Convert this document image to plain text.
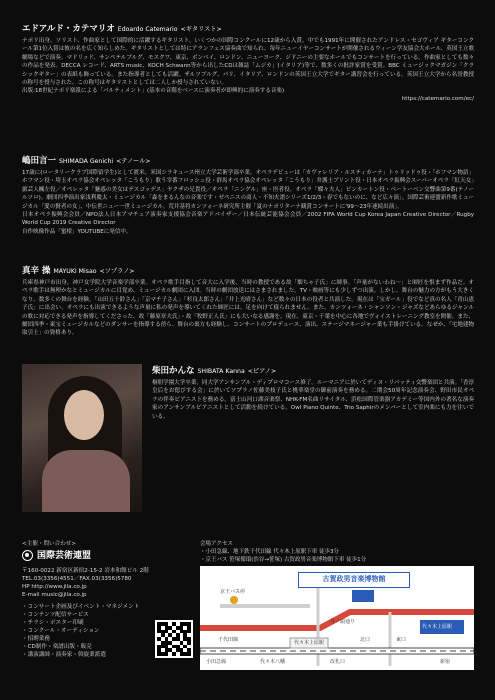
エドアルド・カテマリオ Edoardo Catemario <ギタリスト>
ナポリ出身。ソリスト、作曲家として国際的に活躍するギタリスト。いくつかの国際コンクールに12歳から入賞。中でも1991年に開催されたアンドレス・セゴヴィア ギターコンクール第1位入賞は彼の名を広く知らしめた。ギタリストとしては特にアランフェス協奏曲で知られ、毎年ニューイヤーコンサートが開催されるウィーン学友協会大ホール、英国王立歌劇場などで演奏。マドリッド、サンペテルブルグ、モスクワ、東京、ボンベイ、ロンドン、ニューヨーク、ジドニーの主要なホールでもコンサートを行っている。作曲家としても数々の作品を発表。DECCA レコード、ARTS music、KOCH Schwann等から出したCDは雑誌「ムジカ」(イタリア)等で、数多くの批評家賞を受賞。BBC ミュージックマガジン「クラシックギター」の表紙も飾っている。また指導者としても活躍。ザルツブルグ、パリ、イタリア、ロンドンの英国王立大学でギター講習会を行っている。英国王立大学から名誉教授の称号を授与された。この称号はギタリストとしては二人しか授与されていない。
出版:18世紀ナポリ楽派による「パルティメント」(基本の音階をベースに演奏者が即興的に演奏する音楽)
https://catemario.com/ec/
嶋田言一 SHIMADA Genichi <テノール>
17歳に(ロータリークラブ国際留学生)として渡米。米国シラキュース州立大学芸術学部卒業。オペラデビューは「カヴァレリア・ルスティカーナ」トゥリッドゥ役・「ホフマン物語」ホフマン役・埼玉オペラ協会オペレッタ「こうもり」歌う宰番フロッシュ役・群馬オペラ協会オペレッタ「こうもり」弁護士ブリント役・日本オペラ振興会スーパーオペラ「紅天女」旅芸人楓左役／オペレッタ「魅惑の美女はデスゴッデス」ヤクザの兄貴役／オペラ「ニングル」座・医者役、オペラ「蝶々夫人」ピンカートン役・ベートーベン交響曲第9番(テノールソロ)。劇団四季演出家浅利慶太・ミュージカル「森をまるんなの音楽です・ゼペニスの商人・不知火譜シリーズ1/2/3・春でもないのに、など広々演」。国際芸術連盟新作歌ミュージカル「愛の賢者の女」、中伝世ニュー一世ミュージカル。荒井基将カンツォーネ研究所主催「夏のナポリターナ観賞コンサートに'99〜23年連続出演」。
日本オペラ振興会会員／NPO法人日本アマチュア演奏家支援協会音楽アドバイザー／日本伝統芸能協会会員／2002 FIFA World Cup Korea Japan Creative Director／Rugby World Cup 2019 Creative Director
自作映像作品「蜜柑」YOUTUBEに発信中。
真辛 操 MAYUKI Misao <ソプラノ>
兵庫県神戸市出身。神戸女学院大学音楽学部卒業。オペラ歌手目指して音大に入学後、当時の教授である故「畑ちゃ子氏」に師事。「声量がないわね～」と師匠を恨まず作品だ。オペラ歌手は無理かなとミュージカルに目覚め、ミュージカル劇団に入団。当時の劇団放送にはさまされました。TV・映画等にも少しずつ出演。しかし、舞台の魅力の方がもう大きくなり、数多くの舞台を経験。「山田五十鈴さん」「京マチ子さん」「杉良太郎さん」「井上光晴さん」など数々の日本の役者と共演した。現在は「宝ガール」役でなど真の名人「青山恵子氏」に出会い、オペラにも出演できるような声量に私の発声を導いてくれた師匠には、足を向けて寝られません。また、カンツォーネ・シャンソン・ジャズなどあらゆるジャンルの歌に対応できる発声を指導してくださった、故「藤原章夫氏」・故「牧野正人氏」にも大いなる感謝を。現在、東京・千葉を中心に各地でヴォイストレーニング教室を開催。また、劇団四季・東宝ミュージカルなどのダンサーを指導する傍ら、舞台の裏方も経験し、コンサートのプロデュース、演出、ステージマネージャー業も手掛けている。なぜか、「宅地建物取引士」の資格あり。
柴田かんな SHIBATA Kanna <ピアノ>
桐朋学園大学卒業。同大学アンサンブル・ディプロマコース修了。ルーマニアに於いてディヌ・リパッティ交響楽団と共演。「香淳皇后をお偲びする会」に於いてソプラノ佐藤美枝子氏と桃華楽堂の御前演奏を務める。二期会50周年記念演奏会、野田市民オペラの伴奏ピアニストを務める。富士山河口湖音楽祭、NHK-FM名曲リサイタル、浜松国際管楽器アカデミー等国内外の著名な演奏家のアンサンブルピアニストとして活動を続けている。Owl Piano Quinte、Trio Saphirのメンバーとして室内楽にも力を注いでいる。
<主催・問い合わせ>
国際芸術連盟
〒160-0022 新宿区新宿2-15-2 岩本和館ビル 2階
TEL.03(3356)4551／FAX.03(3356)5780
HP http://www.jila.co.jp
E-mail music@jila.co.jp
・コンサート企画及びイベント・マネジメント
・コンテンツ配信サービス
・チラシ・ポスター印刷
・コンクール・オーディション
・招聘業務
・CD制作・楽譜出版・販売
・講演講師・演奏家・斡旋業派遣
会場アクセス
・小田急線、地下鉄千代田線 代々木上原駅下車 徒歩3分
・京王バス 笹塚循環(渋谷→笹塚) 古賀政男音楽博物館下車 徒歩1分
古賀政男音楽博物館
京王バス停
代々木上原駅
千代田線
小田急線
井ノ頭通り
東口
北口
代々木上原駅
新宿
代々木八幡	改札口
